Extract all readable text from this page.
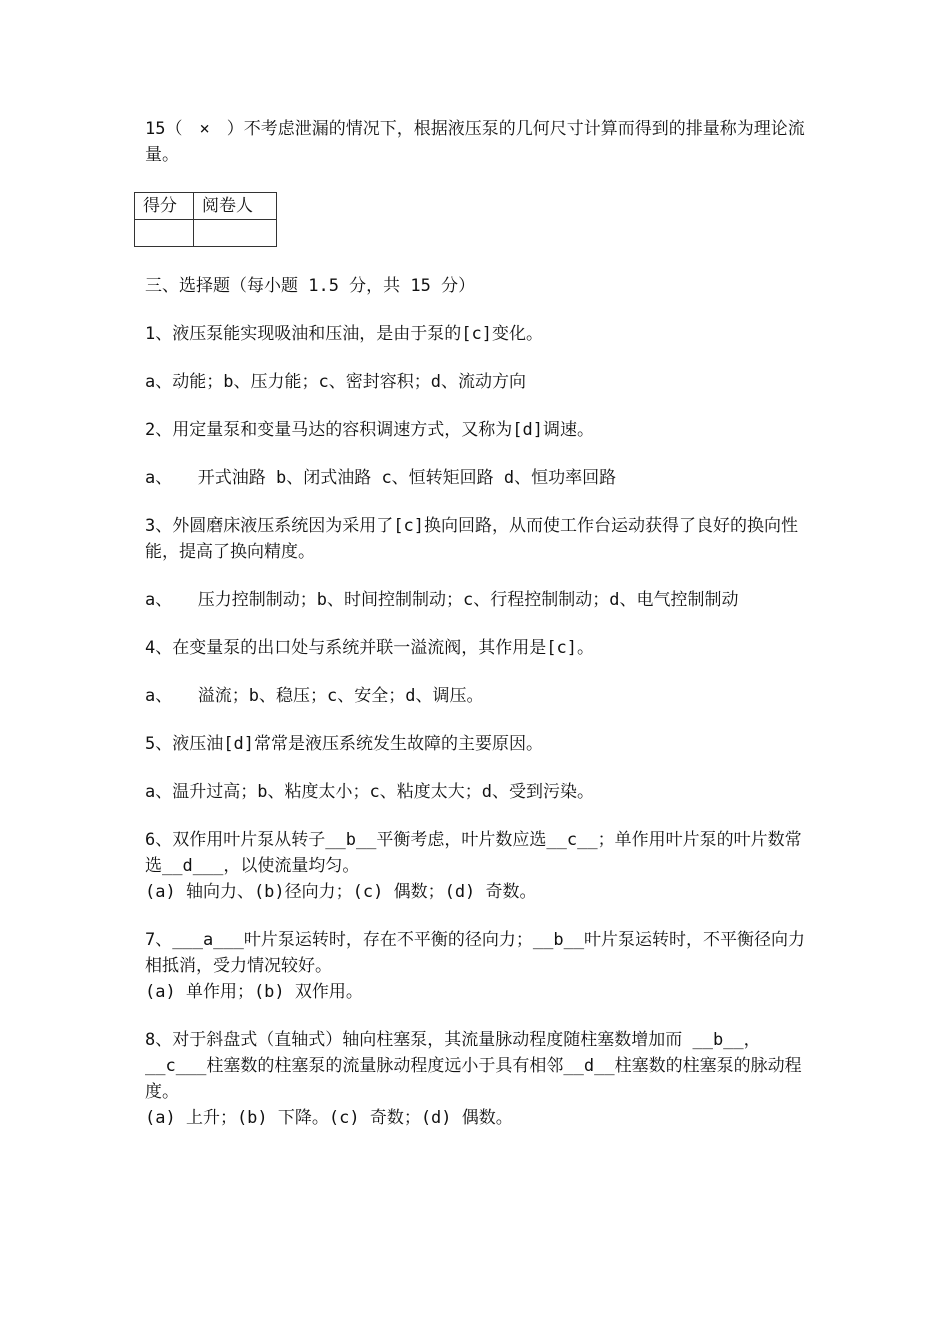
15（　×　）不考虑泄漏的情况下，根据液压泵的几何尺寸计算而得到的排量称为理论流量。

得分	阅卷人

三、选择题（每小题 1.5 分，共 15 分）

1、液压泵能实现吸油和压油，是由于泵的[c]变化。

a、动能；b、压力能；c、密封容积；d、流动方向

2、用定量泵和变量马达的容积调速方式，又称为[d]调速。

a、　　开式油路 b、闭式油路 c、恒转矩回路 d、恒功率回路

3、外圆磨床液压系统因为采用了[c]换向回路，从而使工作台运动获得了良好的换向性能，提高了换向精度。

a、　　压力控制制动；b、时间控制制动；c、行程控制制动；d、电气控制制动

4、在变量泵的出口处与系统并联一溢流阀，其作用是[c]。

a、　　溢流；b、稳压；c、安全；d、调压。

5、液压油[d]常常是液压系统发生故障的主要原因。

a、温升过高；b、粘度太小；c、粘度太大；d、受到污染。

6、双作用叶片泵从转子__b__平衡考虑，叶片数应选__c__；单作用叶片泵的叶片数常选__d___，以使流量均匀。

(a) 轴向力、(b)径向力；(c) 偶数；(d) 奇数。

7、___a___叶片泵运转时，存在不平衡的径向力；__b__叶片泵运转时，不平衡径向力相抵消，受力情况较好。

(a) 单作用；(b) 双作用。

8、对于斜盘式（直轴式）轴向柱塞泵，其流量脉动程度随柱塞数增加而 __b__，__c___柱塞数的柱塞泵的流量脉动程度远小于具有相邻__d__柱塞数的柱塞泵的脉动程度。

(a) 上升；(b) 下降。(c) 奇数；(d) 偶数。
